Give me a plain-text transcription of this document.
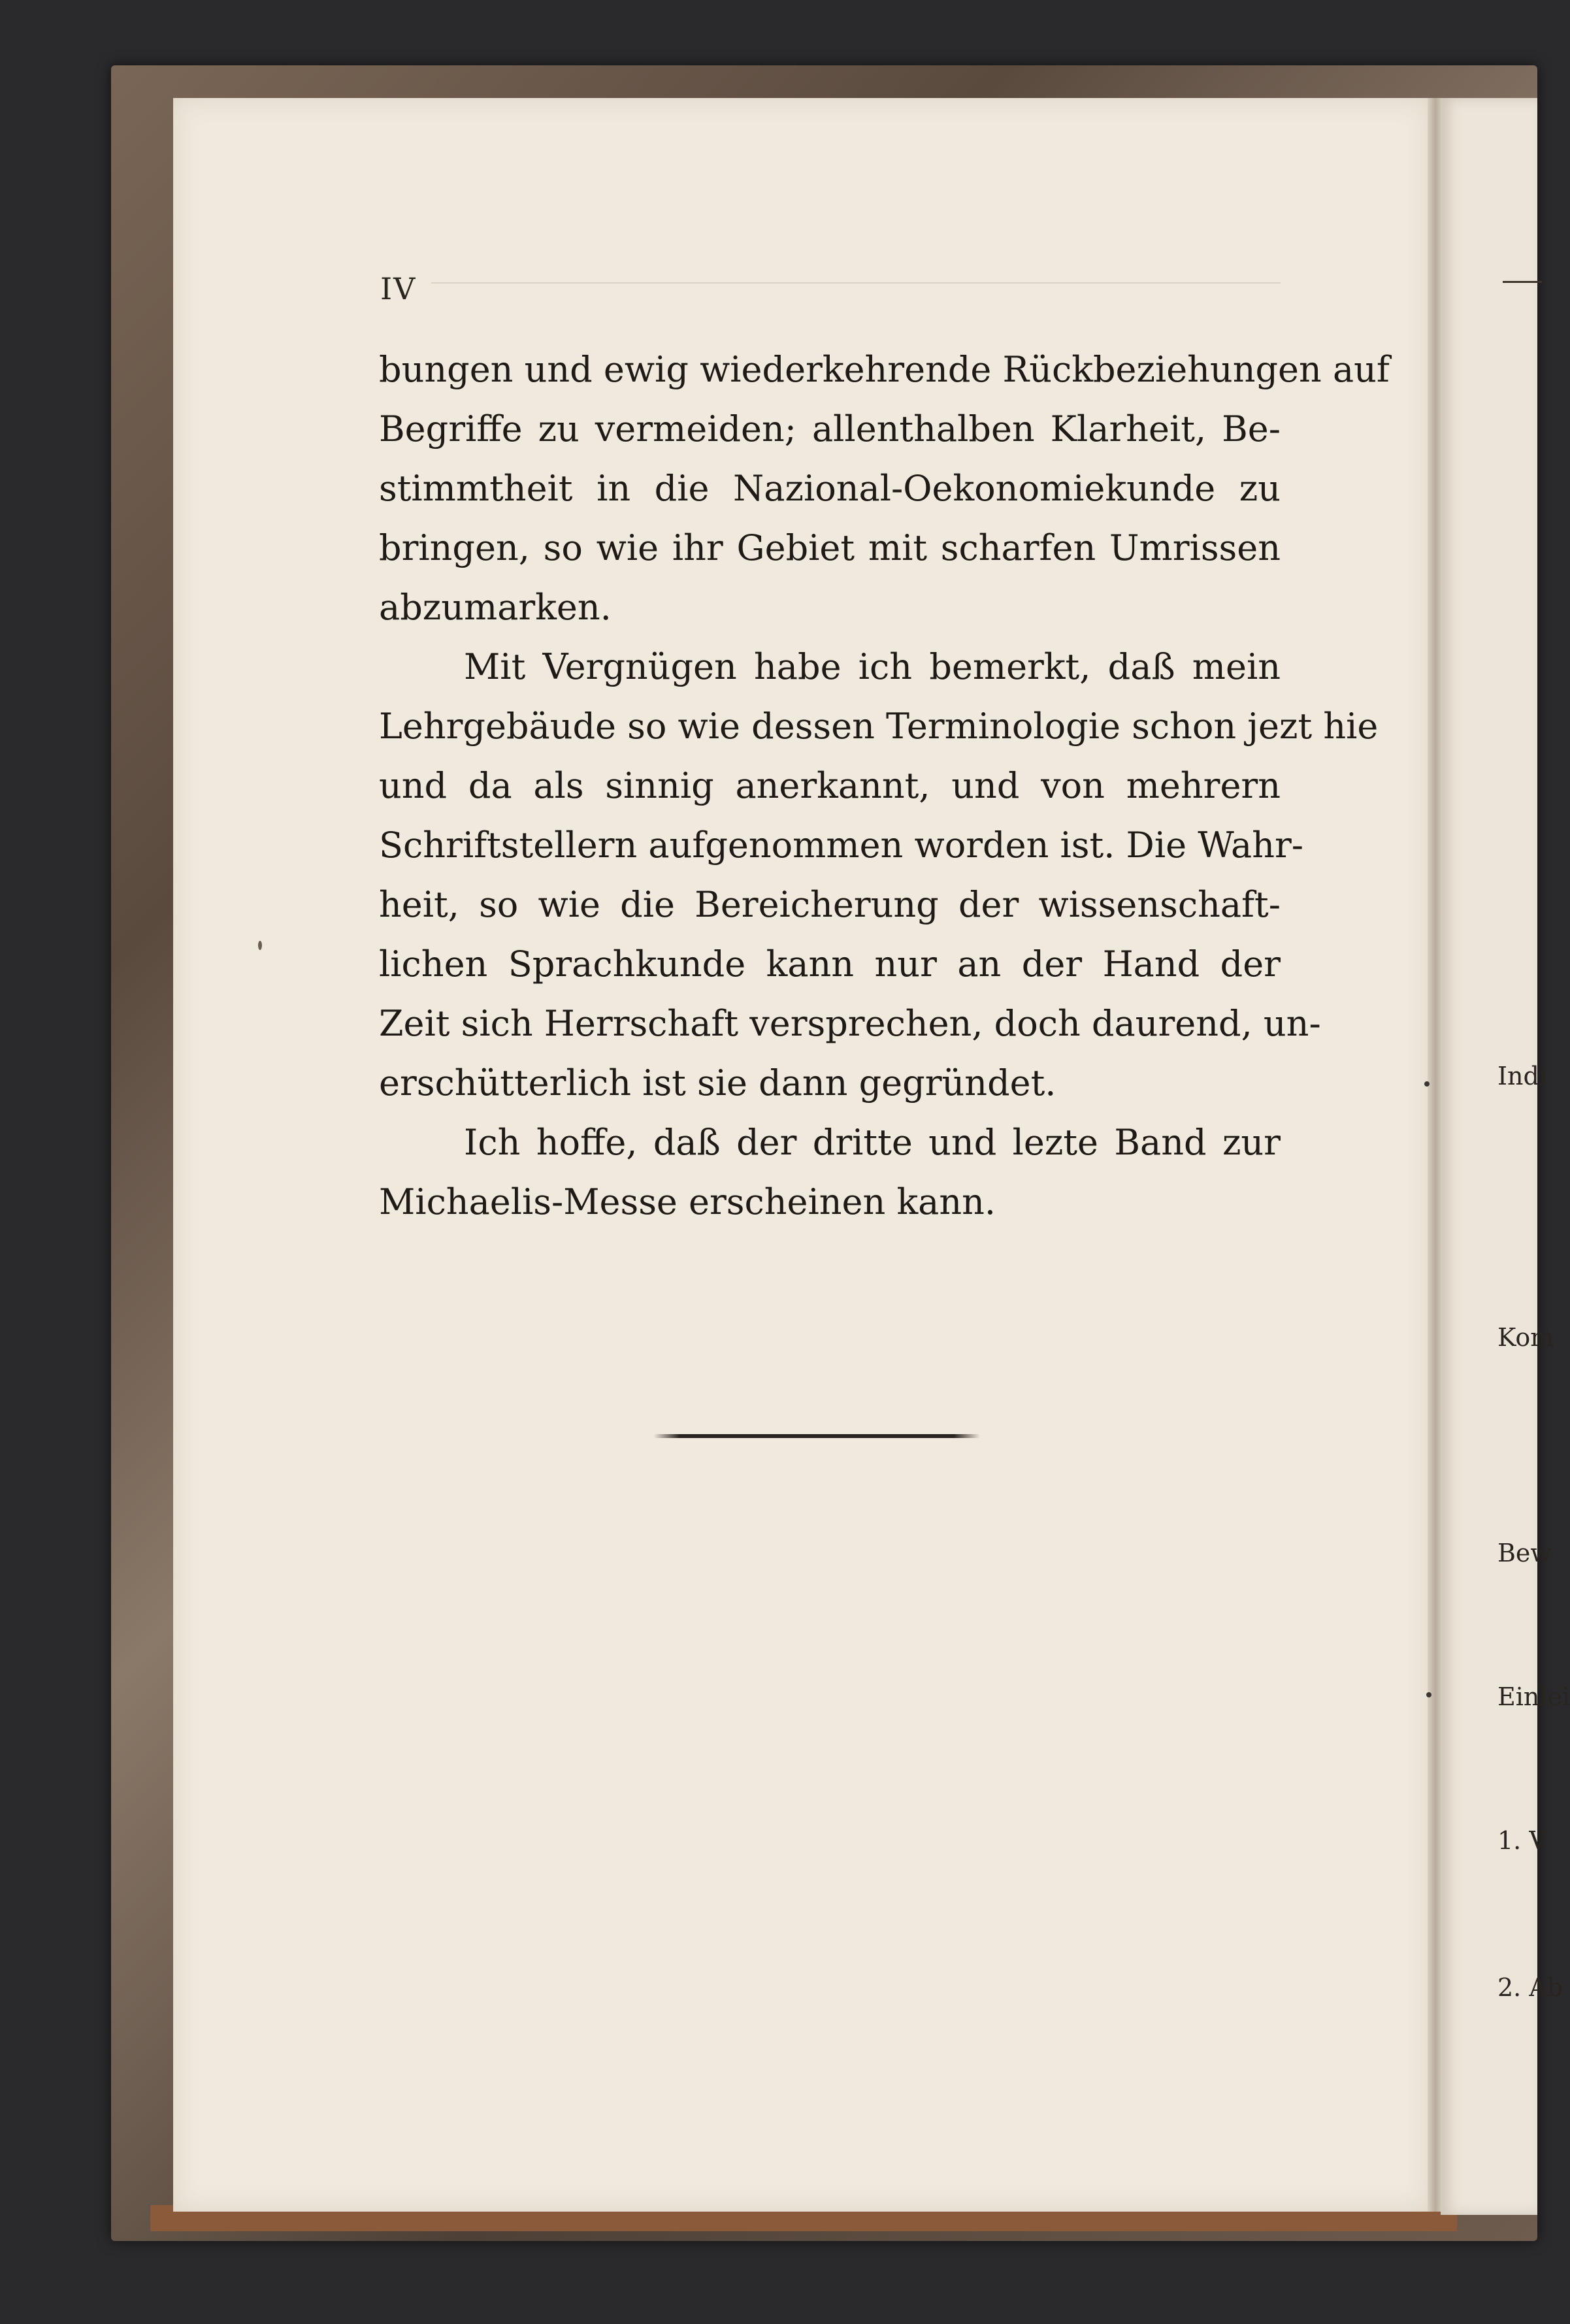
IV
bungen und ewig wiederkehrende Rückbeziehungen auf
Begriffe zu vermeiden; allenthalben Klarheit, Be-
stimmtheit in die Nazional-Oekonomiekunde zu
bringen, so wie ihr Gebiet mit scharfen Umrissen
abzumarken.
Mit Vergnügen habe ich bemerkt, daß mein
Lehrgebäude so wie dessen Terminologie schon jezt hie
und da als sinnig anerkannt, und von mehrern
Schriftstellern aufgenommen worden ist. Die Wahr-
heit, so wie die Bereicherung der wissenschaft-
lichen Sprachkunde kann nur an der Hand der
Zeit sich Herrschaft versprechen, doch daurend, un-
erschütterlich ist sie dann gegründet.
Ich hoffe, daß der dritte und lezte Band zur
Michaelis-Messe erscheinen kann.
Indi
Kom
Bew
Einlei
1. V
2. Ab
